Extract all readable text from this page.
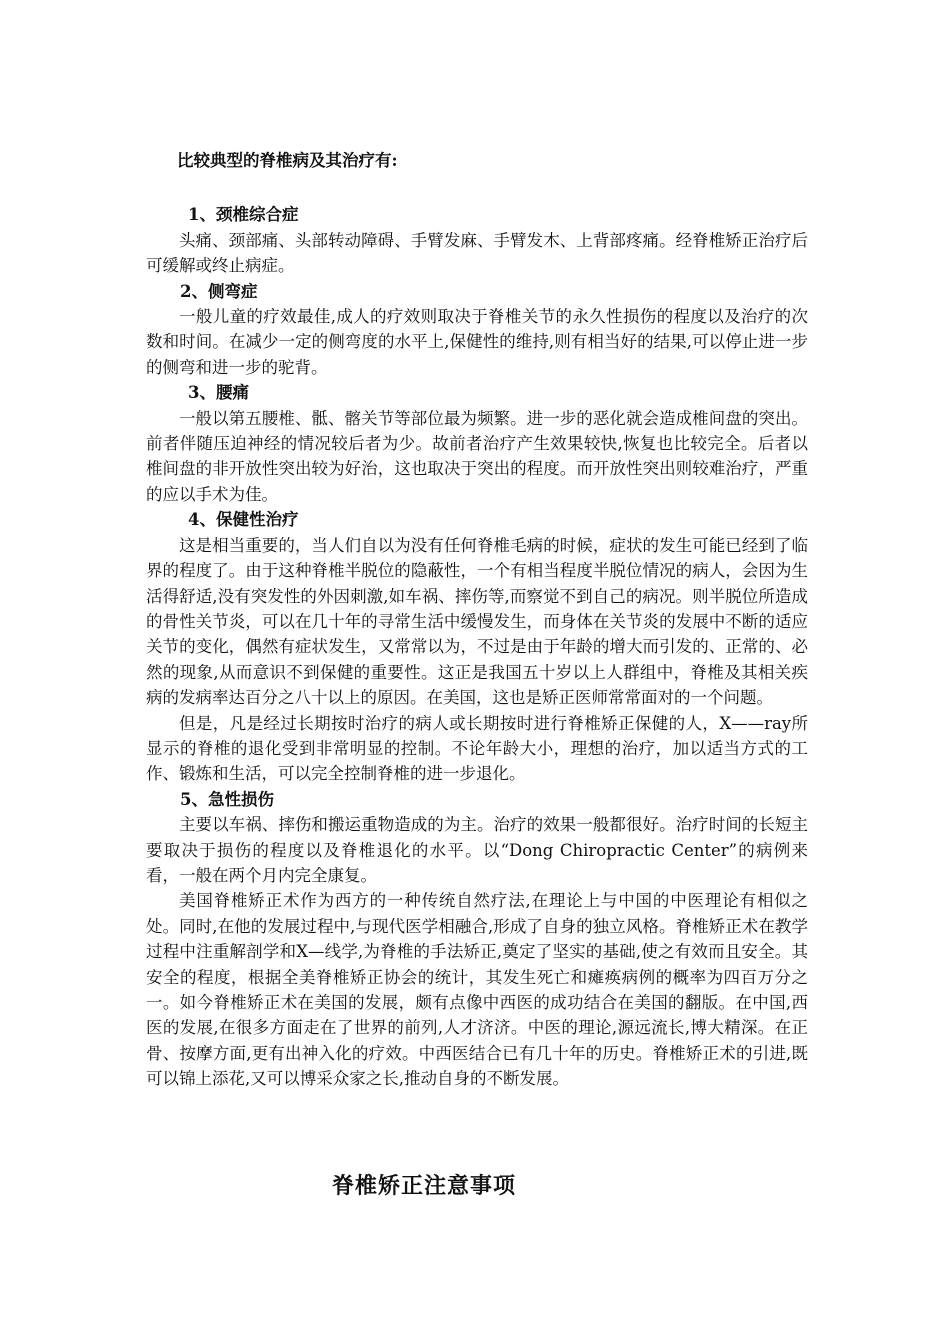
比较典型的脊椎病及其治疗有:
1、颈椎综合症

头痛、颈部痛、头部转动障碍、手臂发麻、手臂发木、上背部疼痛。经脊椎矫正治疗后可缓解或终止病症。

2、侧弯症

一般儿童的疗效最佳,成人的疗效则取决于脊椎关节的永久性损伤的程度以及治疗的次数和时间。在减少一定的侧弯度的水平上,保健性的维持,则有相当好的结果,可以停止进一步的侧弯和进一步的驼背。

3、腰痛

一般以第五腰椎、骶、髂关节等部位最为频繁。进一步的恶化就会造成椎间盘的突出。前者伴随压迫神经的情况较后者为少。故前者治疗产生效果较快,恢复也比较完全。后者以椎间盘的非开放性突出较为好治，这也取决于突出的程度。而开放性突出则较难治疗，严重的应以手术为佳。

4、保健性治疗

这是相当重要的，当人们自以为没有任何脊椎毛病的时候，症状的发生可能已经到了临界的程度了。由于这种脊椎半脱位的隐蔽性，一个有相当程度半脱位情况的病人，会因为生活得舒适,没有突发性的外因刺激,如车祸、摔伤等,而察觉不到自己的病况。则半脱位所造成的骨性关节炎，可以在几十年的寻常生活中缓慢发生，而身体在关节炎的发展中不断的适应关节的变化，偶然有症状发生，又常常以为，不过是由于年龄的增大而引发的、正常的、必然的现象,从而意识不到保健的重要性。这正是我国五十岁以上人群组中，脊椎及其相关疾病的发病率达百分之八十以上的原因。在美国，这也是矫正医师常常面对的一个问题。

但是，凡是经过长期按时治疗的病人或长期按时进行脊椎矫正保健的人，X——ray所显示的脊椎的退化受到非常明显的控制。不论年龄大小，理想的治疗，加以适当方式的工作、锻炼和生活，可以完全控制脊椎的进一步退化。

5、急性损伤

主要以车祸、摔伤和搬运重物造成的为主。治疗的效果一般都很好。治疗时间的长短主要取决于损伤的程度以及脊椎退化的水平。以“Dong Chiropractic Center”的病例来看，一般在两个月内完全康复。

美国脊椎矫正术作为西方的一种传统自然疗法,在理论上与中国的中医理论有相似之处。同时,在他的发展过程中,与现代医学相融合,形成了自身的独立风格。脊椎矫正术在教学过程中注重解剖学和X—线学,为脊椎的手法矫正,奠定了坚实的基础,使之有效而且安全。其安全的程度，根据全美脊椎矫正协会的统计，其发生死亡和瘫痪病例的概率为四百万分之一。如今脊椎矫正术在美国的发展，颇有点像中西医的成功结合在美国的翻版。在中国,西医的发展,在很多方面走在了世界的前列,人才济济。中医的理论,源远流长,博大精深。在正骨、按摩方面,更有出神入化的疗效。中西医结合已有几十年的历史。脊椎矫正术的引进,既可以锦上添花,又可以博采众家之长,推动自身的不断发展。

脊椎矫正注意事项
